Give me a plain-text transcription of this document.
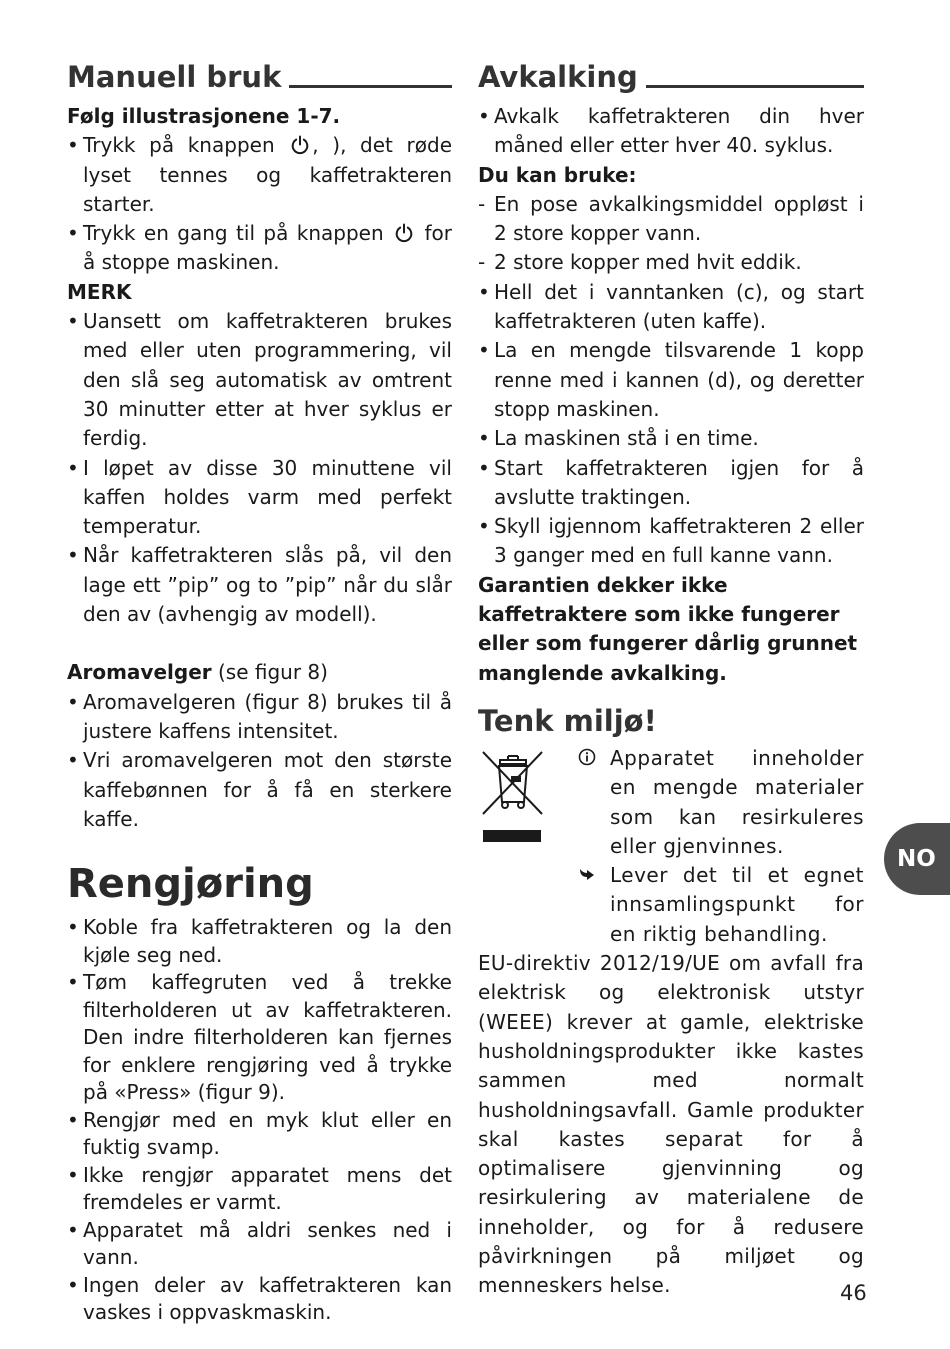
Manuell bruk

Følg illustrasjonene 1-7.

• Trykk på knappen , ), det røde lyset tennes og kaffetrakteren starter.
• Trykk en gang til på knappen for å stoppe maskinen.

MERK

• Uansett om kaffetrakteren brukes med eller uten programmering, vil den slå seg automatisk av omtrent 30 minutter etter at hver syklus er ferdig.
• I løpet av disse 30 minuttene vil kaffen holdes varm med perfekt temperatur.
• Når kaffetrakteren slås på, vil den lage ett ”pip” og to ”pip” når du slår den av (avhengig av modell).

Aromavelger (se figur 8)

• Aromavelgeren (figur 8) brukes til å justere kaffens intensitet.
• Vri aromavelgeren mot den største kaffebønnen for å få en sterkere kaffe.
Rengjøring
• Koble fra kaffetrakteren og la den kjøle seg ned.
• Tøm kaffegruten ved å trekke filterholderen ut av kaffetrakteren. Den indre filterholderen kan fjernes for enklere rengjøring ved å trykke på «Press» (figur 9).
• Rengjør med en myk klut eller en fuktig svamp.
• Ikke rengjør apparatet mens det fremdeles er varmt.
• Apparatet må aldri senkes ned i vann.
• Ingen deler av kaffetrakteren kan vaskes i oppvaskmaskin.
Avkalking
• Avkalk kaffetrakteren din hver måned eller etter hver 40. syklus.

Du kan bruke:

- En pose avkalkingsmiddel oppløst i 2 store kopper vann.
- 2 store kopper med hvit eddik.
• Hell det i vanntanken (c), og start kaffetrakteren (uten kaffe).
• La en mengde tilsvarende 1 kopp renne med i kannen (d), og deretter stopp maskinen.
• La maskinen stå i en time.
• Start kaffetrakteren igjen for å avslutte traktingen.
• Skyll igjennom kaffetrakteren 2 eller 3 ganger med en full kanne vann.

Garantien dekker ikke kaffetraktere som ikke fungerer eller som fungerer dårlig grunnet manglende avkalking.

Tenk miljø!
Apparatet inneholder en mengde materialer som kan resirkuleres eller gjenvinnes.
Lever det til et egnet innsamlingspunkt for en riktig behandling.

EU-direktiv 2012/19/UE om avfall fra elektrisk og elektronisk utstyr (WEEE) krever at gamle, elektriske husholdningsprodukter ikke kastes sammen med normalt husholdningsavfall. Gamle produkter skal kastes separat for å optimalisere gjenvinning og resirkulering av materialene de inneholder, og for å redusere påvirkningen på miljøet og menneskers helse.

NO
46
